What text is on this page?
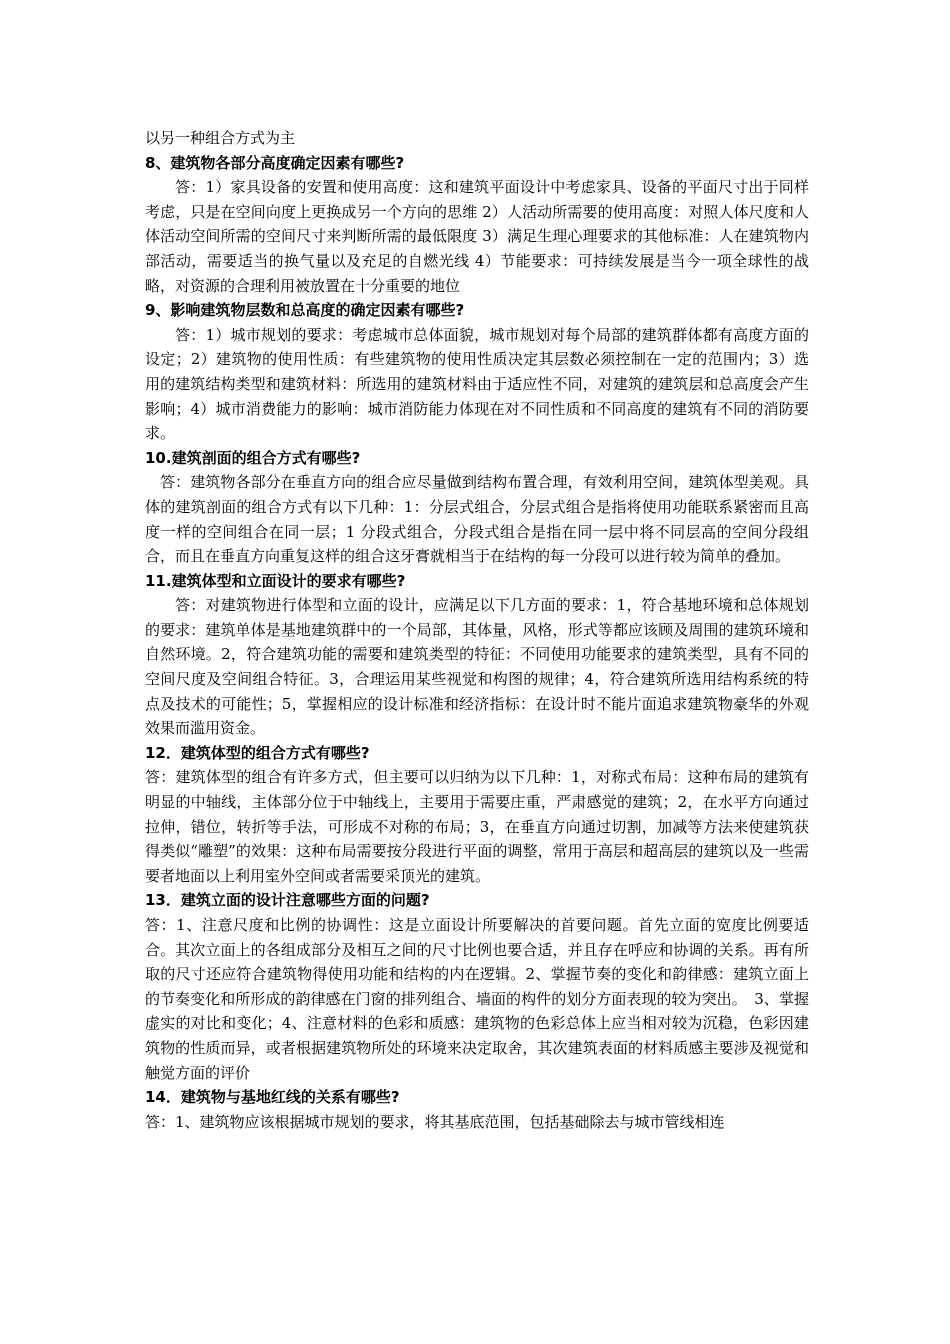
以另一种组合方式为主

8、建筑物各部分高度确定因素有哪些?

答：1）家具设备的安置和使用高度：这和建筑平面设计中考虑家具、设备的平面尺寸出于同样考虑，只是在空间向度上更换成另一个方向的思维 2）人活动所需要的使用高度：对照人体尺度和人体活动空间所需的空间尺寸来判断所需的最低限度 3）满足生理心理要求的其他标准：人在建筑物内部活动，需要适当的换气量以及充足的自燃光线 4）节能要求：可持续发展是当今一项全球性的战略，对资源的合理利用被放置在十分重要的地位

9、影响建筑物层数和总高度的确定因素有哪些?

答：1）城市规划的要求：考虑城市总体面貌，城市规划对每个局部的建筑群体都有高度方面的设定；2）建筑物的使用性质：有些建筑物的使用性质决定其层数必须控制在一定的范围内；3）选用的建筑结构类型和建筑材料：所选用的建筑材料由于适应性不同，对建筑的建筑层和总高度会产生影响；4）城市消费能力的影响：城市消防能力体现在对不同性质和不同高度的建筑有不同的消防要求。

10.建筑剖面的组合方式有哪些?

答：建筑物各部分在垂直方向的组合应尽量做到结构布置合理，有效利用空间，建筑体型美观。具体的建筑剖面的组合方式有以下几种：1：分层式组合，分层式组合是指将使用功能联系紧密而且高度一样的空间组合在同一层；1 分段式组合，分段式组合是指在同一层中将不同层高的空间分段组合，而且在垂直方向重复这样的组合这牙膏就相当于在结构的每一分段可以进行较为简单的叠加。

11.建筑体型和立面设计的要求有哪些?

答：对建筑物进行体型和立面的设计，应满足以下几方面的要求：1，符合基地环境和总体规划的要求：建筑单体是基地建筑群中的一个局部，其体量，风格，形式等都应该顾及周围的建筑环境和自然环境。2，符合建筑功能的需要和建筑类型的特征：不同使用功能要求的建筑类型，具有不同的空间尺度及空间组合特征。3，合理运用某些视觉和构图的规律；4，符合建筑所选用结构系统的特点及技术的可能性；5，掌握相应的设计标准和经济指标：在设计时不能片面追求建筑物豪华的外观效果而滥用资金。

12．建筑体型的组合方式有哪些?

答：建筑体型的组合有许多方式，但主要可以归纳为以下几种：1，对称式布局：这种布局的建筑有明显的中轴线，主体部分位于中轴线上，主要用于需要庄重，严肃感觉的建筑；2，在水平方向通过拉伸，错位，转折等手法，可形成不对称的布局；3，在垂直方向通过切割，加减等方法来使建筑获得类似“雕塑”的效果：这种布局需要按分段进行平面的调整，常用于高层和超高层的建筑以及一些需要者地面以上利用室外空间或者需要采顶光的建筑。

13．建筑立面的设计注意哪些方面的问题?

答：1、注意尺度和比例的协调性：这是立面设计所要解决的首要问题。首先立面的宽度比例要适合。其次立面上的各组成部分及相互之间的尺寸比例也要合适，并且存在呼应和协调的关系。再有所取的尺寸还应符合建筑物得使用功能和结构的内在逻辑。2、掌握节奏的变化和韵律感：建筑立面上的节奏变化和所形成的韵律感在门窗的排列组合、墙面的构件的划分方面表现的较为突出。　3、掌握虚实的对比和变化；4、注意材料的色彩和质感：建筑物的色彩总体上应当相对较为沉稳，色彩因建筑物的性质而异，或者根据建筑物所处的环境来决定取舍，其次建筑表面的材料质感主要涉及视觉和触觉方面的评价

14．建筑物与基地红线的关系有哪些?

答：1、建筑物应该根据城市规划的要求，将其基底范围，包括基础除去与城市管线相连
